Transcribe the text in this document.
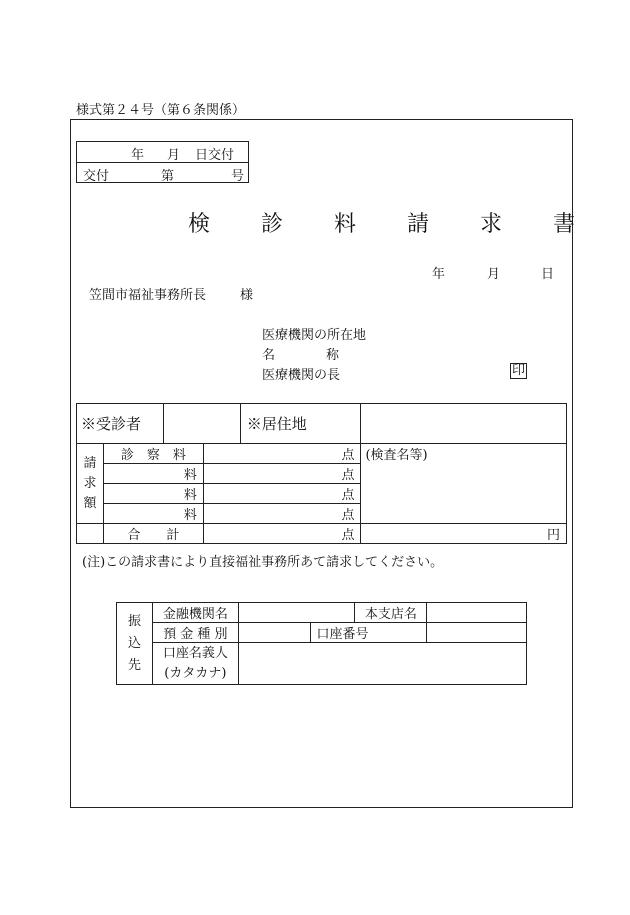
様式第２４号（第６条関係）
年 月 日交付
交付	第	号
検 診 料 請 求 書
年	月	日
笠間市福祉事務所長	様
医療機関の所在地
名	称
医療機関の長	印
※受診者				※居住地	

請
求
額	診　察　料		点		(検査名等)
	料		点		
	料		点		
	料		点		
	合　　計		点		円
(注)この請求書により直接福祉事務所あて請求してください。
振
込
先	金融機関名			本支店名	
	預 金 種 別		口座番号		

	口座名義人
(カタカナ)				
